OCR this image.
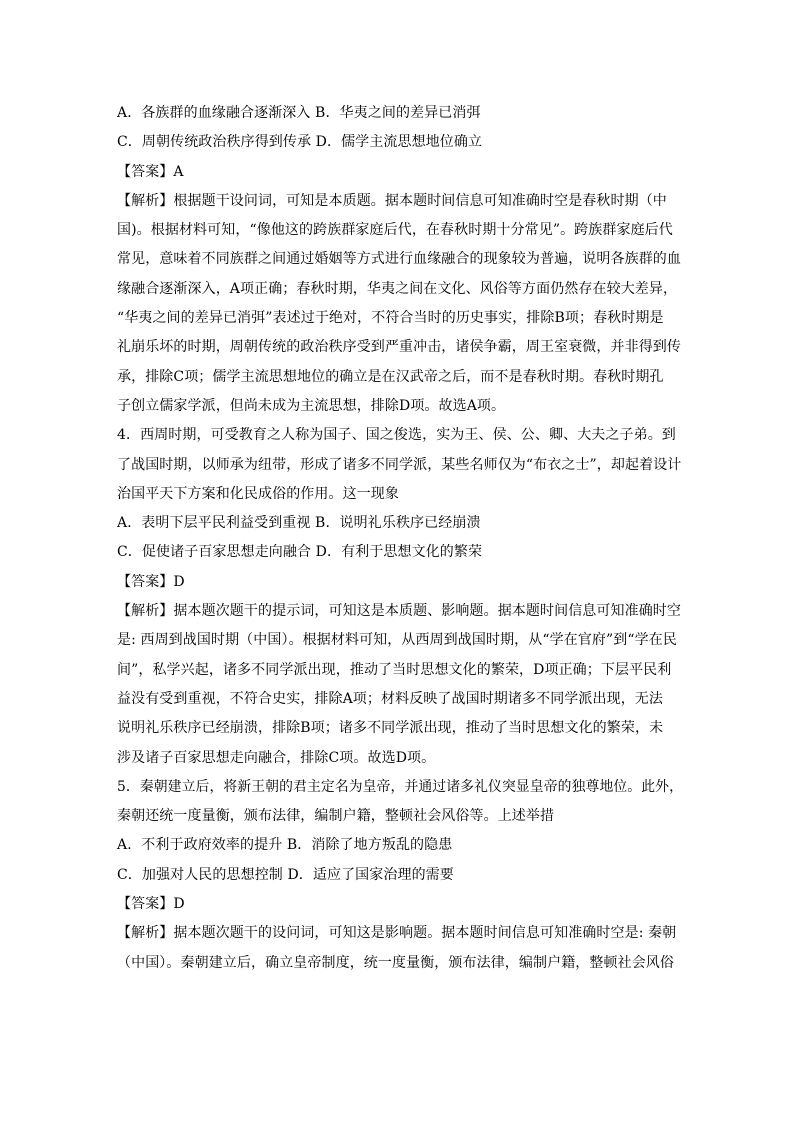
A．各族群的血缘融合逐渐深入 B．华夷之间的差异已消弭
C．周朝传统政治秩序得到传承 D．儒学主流思想地位确立
【答案】A
【解析】根据题干设问词，可知是本质题。据本题时间信息可知准确时空是春秋时期（中
国)。根据材料可知，“像他这的跨族群家庭后代，在春秋时期十分常见”。跨族群家庭后代
常见，意味着不同族群之间通过婚姻等方式进行血缘融合的现象较为普遍，说明各族群的血
缘融合逐渐深入，A项正确；春秋时期，华夷之间在文化、风俗等方面仍然存在较大差异，
“华夷之间的差异已消弭”表述过于绝对，不符合当时的历史事实，排除B项；春秋时期是
礼崩乐坏的时期，周朝传统的政治秩序受到严重冲击，诸侯争霸，周王室衰微，并非得到传
承，排除C项；儒学主流思想地位的确立是在汉武帝之后，而不是春秋时期。春秋时期孔
子创立儒家学派，但尚未成为主流思想，排除D项。故选A项。
4．西周时期，可受教育之人称为国子、国之俊选，实为王、侯、公、卿、大夫之子弟。到
了战国时期，以师承为纽带，形成了诸多不同学派，某些名师仅为“布衣之士”，却起着设计
治国平天下方案和化民成俗的作用。这一现象
A．表明下层平民利益受到重视 B．说明礼乐秩序已经崩溃
C．促使诸子百家思想走向融合 D．有利于思想文化的繁荣
【答案】D
【解析】据本题次题干的提示词，可知这是本质题、影响题。据本题时间信息可知准确时空
是: 西周到战国时期（中国）。根据材料可知，从西周到战国时期，从“学在官府”到“学在民
间”，私学兴起，诸多不同学派出现，推动了当时思想文化的繁荣，D项正确；下层平民利
益没有受到重视，不符合史实，排除A项；材料反映了战国时期诸多不同学派出现，无法
说明礼乐秩序已经崩溃，排除B项；诸多不同学派出现，推动了当时思想文化的繁荣，未
涉及诸子百家思想走向融合，排除C项。故选D项。
5．秦朝建立后，将新王朝的君主定名为皇帝，并通过诸多礼仪突显皇帝的独尊地位。此外，
秦朝还统一度量衡，颁布法律，编制户籍，整顿社会风俗等。上述举措
A．不利于政府效率的提升 B．消除了地方叛乱的隐患
C．加强对人民的思想控制 D．适应了国家治理的需要
【答案】D
【解析】据本题次题干的设问词，可知这是影响题。据本题时间信息可知准确时空是: 秦朝
（中国）。秦朝建立后，确立皇帝制度，统一度量衡，颁布法律，编制户籍，整顿社会风俗
